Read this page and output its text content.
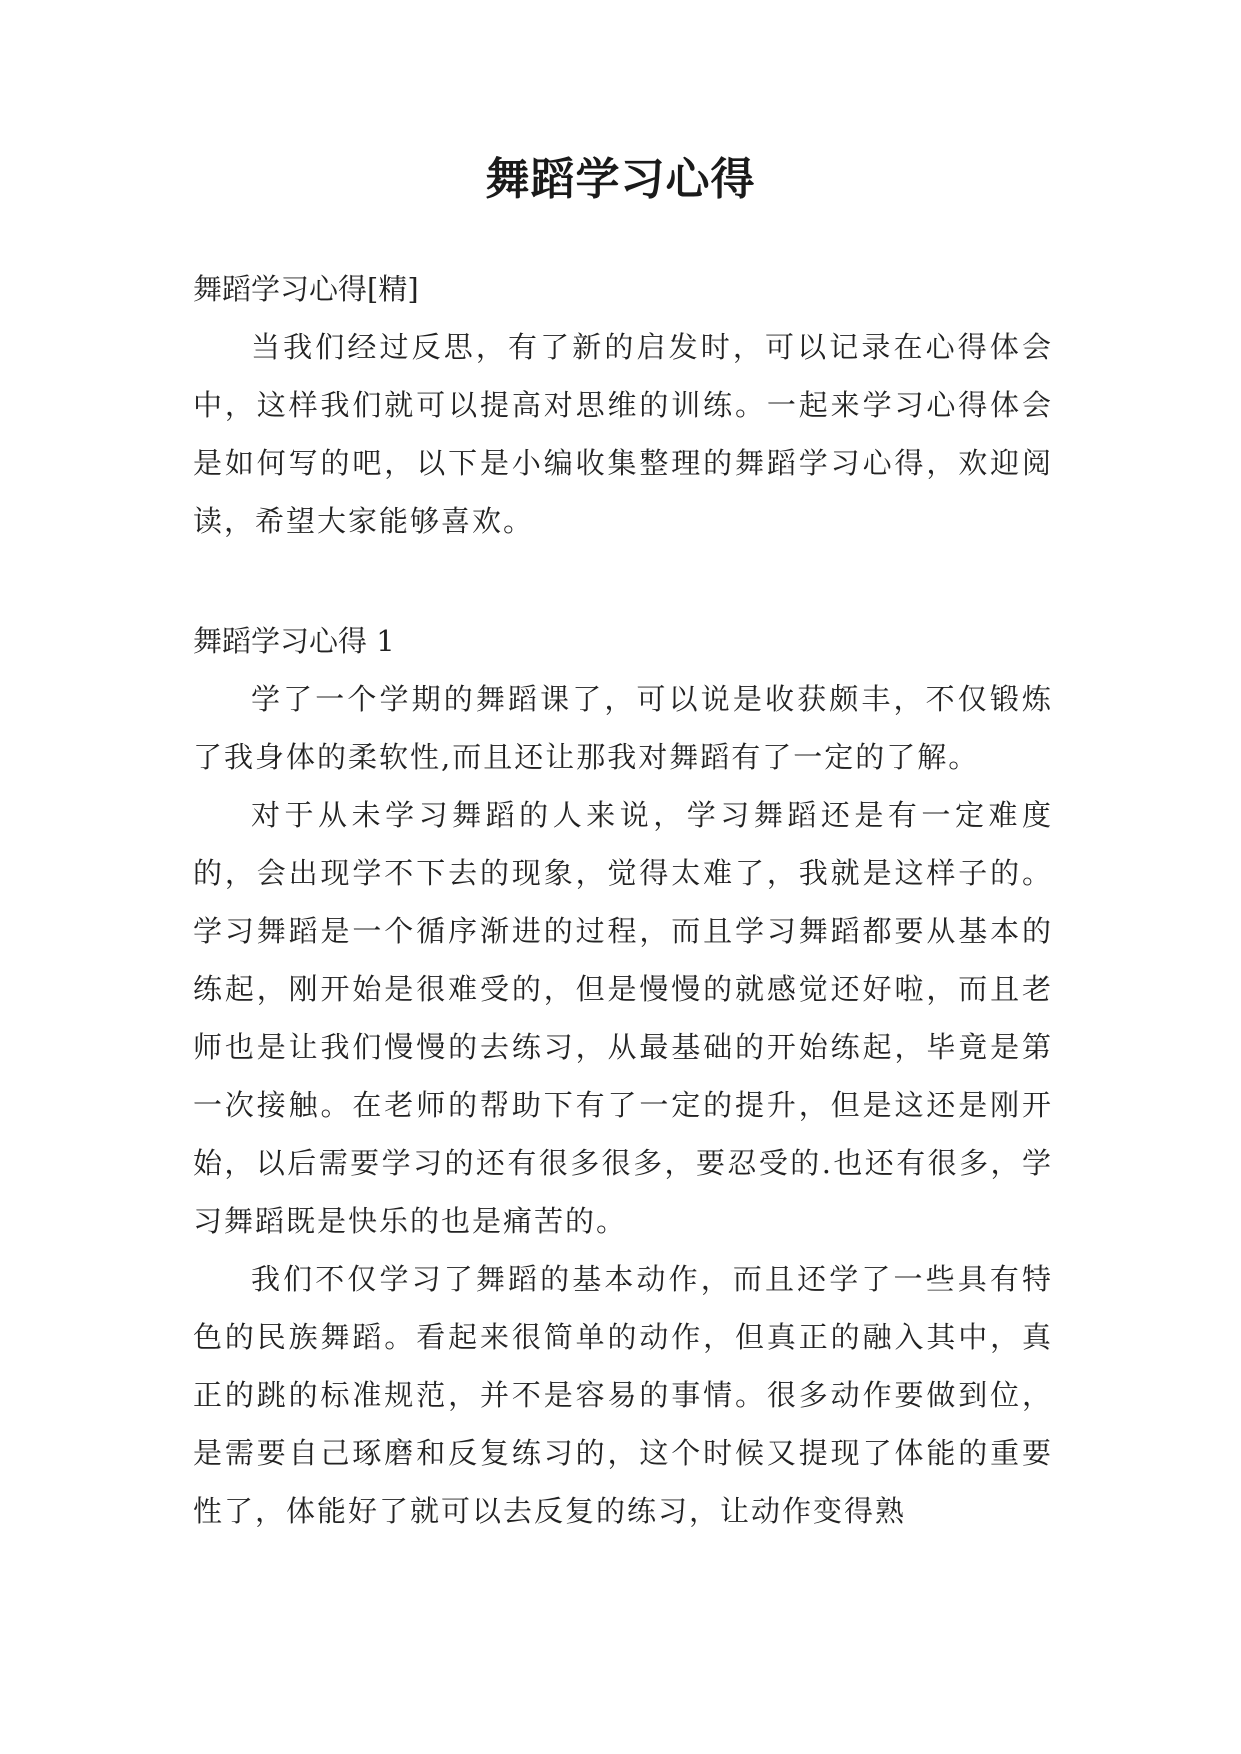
舞蹈学习心得

舞蹈学习心得[精]

当我们经过反思，有了新的启发时，可以记录在心得体会中，这样我们就可以提高对思维的训练。一起来学习心得体会是如何写的吧，以下是小编收集整理的舞蹈学习心得，欢迎阅读，希望大家能够喜欢。

舞蹈学习心得 1

学了一个学期的舞蹈课了，可以说是收获颇丰，不仅锻炼了我身体的柔软性,而且还让那我对舞蹈有了一定的了解。

对于从未学习舞蹈的人来说，学习舞蹈还是有一定难度的，会出现学不下去的现象，觉得太难了，我就是这样子的。学习舞蹈是一个循序渐进的过程，而且学习舞蹈都要从基本的练起，刚开始是很难受的，但是慢慢的就感觉还好啦，而且老师也是让我们慢慢的去练习，从最基础的开始练起，毕竟是第一次接触。在老师的帮助下有了一定的提升，但是这还是刚开始，以后需要学习的还有很多很多，要忍受的.也还有很多，学习舞蹈既是快乐的也是痛苦的。

我们不仅学习了舞蹈的基本动作，而且还学了一些具有特色的民族舞蹈。看起来很简单的动作，但真正的融入其中，真正的跳的标准规范，并不是容易的事情。很多动作要做到位，是需要自己琢磨和反复练习的，这个时候又提现了体能的重要性了，体能好了就可以去反复的练习，让动作变得熟
